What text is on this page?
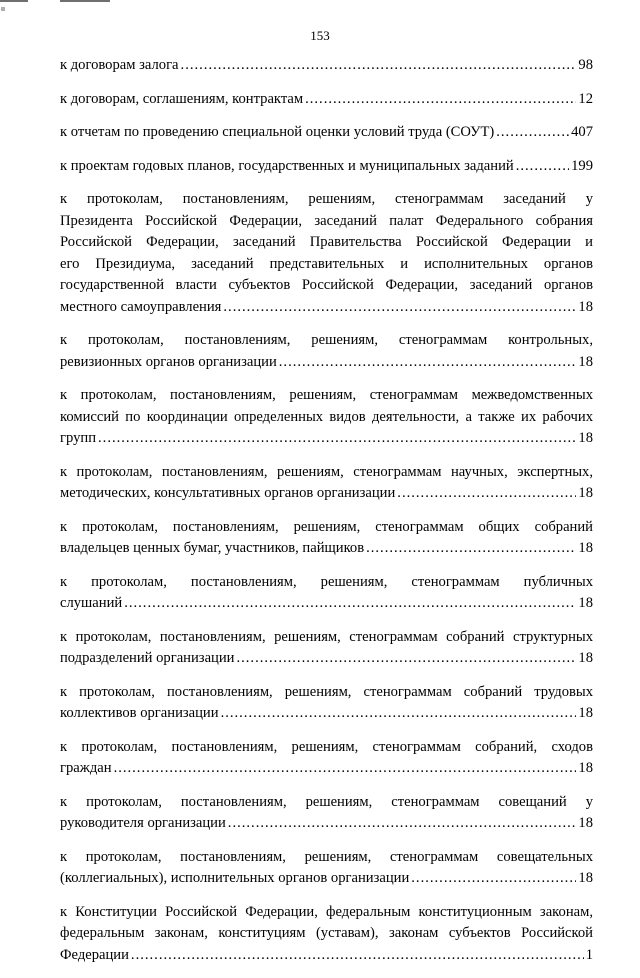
153
к договорам залога .....	98
к договорам, соглашениям, контрактам .....	12
к отчетам по проведению специальной оценки условий труда (СОУТ) .....	407
к проектам годовых планов, государственных и муниципальных заданий .....	199
к протоколам, постановлениям, решениям, стенограммам заседаний у
Президента Российской Федерации, заседаний палат Федерального собрания
Российской Федерации, заседаний Правительства Российской Федерации и
его Президиума, заседаний представительных и исполнительных органов
государственной власти субъектов Российской Федерации, заседаний органов
местного самоуправления .....	18
к протоколам, постановлениям, решениям, стенограммам контрольных,
ревизионных органов организации .....	18
к протоколам, постановлениям, решениям, стенограммам межведомственных
комиссий по координации определенных видов деятельности, а также их рабочих
групп .....	18
к протоколам, постановлениям, решениям, стенограммам научных, экспертных,
методических, консультативных органов организации .....	18
к протоколам, постановлениям, решениям, стенограммам общих собраний
владельцев ценных бумаг, участников, пайщиков .....	18
к протоколам, постановлениям, решениям, стенограммам публичных
слушаний .....	18
к протоколам, постановлениям, решениям, стенограммам собраний структурных
подразделений организации .....	18
к протоколам, постановлениям, решениям, стенограммам собраний трудовых
коллективов организации .....	18
к протоколам, постановлениям, решениям, стенограммам собраний, сходов
граждан .....	18
к протоколам, постановлениям, решениям, стенограммам совещаний у
руководителя организации .....	18
к протоколам, постановлениям, решениям, стенограммам совещательных
(коллегиальных), исполнительных органов организации .....	18
к Конституции Российской Федерации, федеральным конституционным законам,
федеральным законам, конституциям (уставам), законам субъектов Российской
Федерации .....	1
